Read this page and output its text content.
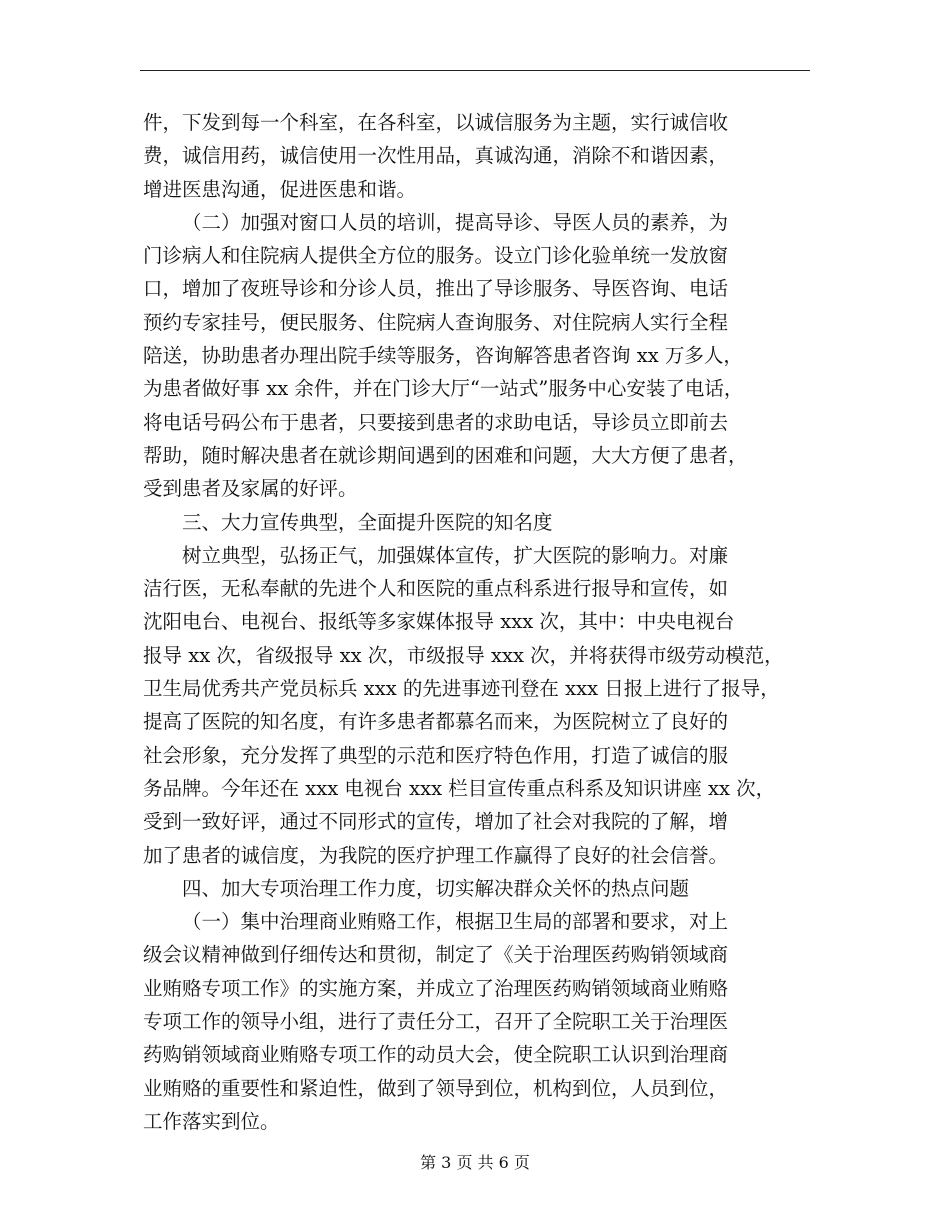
件，下发到每一个科室，在各科室，以诚信服务为主题，实行诚信收
费，诚信用药，诚信使用一次性用品，真诚沟通，消除不和谐因素，
增进医患沟通，促进医患和谐。
（二）加强对窗口人员的培训，提高导诊、导医人员的素养，为
门诊病人和住院病人提供全方位的服务。设立门诊化验单统一发放窗
口，增加了夜班导诊和分诊人员，推出了导诊服务、导医咨询、电话
预约专家挂号，便民服务、住院病人查询服务、对住院病人实行全程
陪送，协助患者办理出院手续等服务，咨询解答患者咨询 xx 万多人，
为患者做好事 xx 余件，并在门诊大厅“一站式”服务中心安装了电话，
将电话号码公布于患者，只要接到患者的求助电话，导诊员立即前去
帮助，随时解决患者在就诊期间遇到的困难和问题，大大方便了患者，
受到患者及家属的好评。
三、大力宣传典型，全面提升医院的知名度
树立典型，弘扬正气，加强媒体宣传，扩大医院的影响力。对廉
洁行医，无私奉献的先进个人和医院的重点科系进行报导和宣传，如
沈阳电台、电视台、报纸等多家媒体报导 xxx 次，其中：中央电视台
报导 xx 次，省级报导 xx 次，市级报导 xxx 次，并将获得市级劳动模范，
卫生局优秀共产党员标兵 xxx 的先进事迹刊登在 xxx 日报上进行了报导，
提高了医院的知名度，有许多患者都慕名而来，为医院树立了良好的
社会形象，充分发挥了典型的示范和医疗特色作用，打造了诚信的服
务品牌。今年还在 xxx 电视台 xxx 栏目宣传重点科系及知识讲座 xx 次，
受到一致好评，通过不同形式的宣传，增加了社会对我院的了解，增
加了患者的诚信度，为我院的医疗护理工作赢得了良好的社会信誉。
四、加大专项治理工作力度，切实解决群众关怀的热点问题
（一）集中治理商业贿赂工作，根据卫生局的部署和要求，对上
级会议精神做到仔细传达和贯彻，制定了《关于治理医药购销领域商
业贿赂专项工作》的实施方案，并成立了治理医药购销领域商业贿赂
专项工作的领导小组，进行了责任分工，召开了全院职工关于治理医
药购销领域商业贿赂专项工作的动员大会，使全院职工认识到治理商
业贿赂的重要性和紧迫性，做到了领导到位，机构到位，人员到位，
工作落实到位。
第 3 页 共 6 页
